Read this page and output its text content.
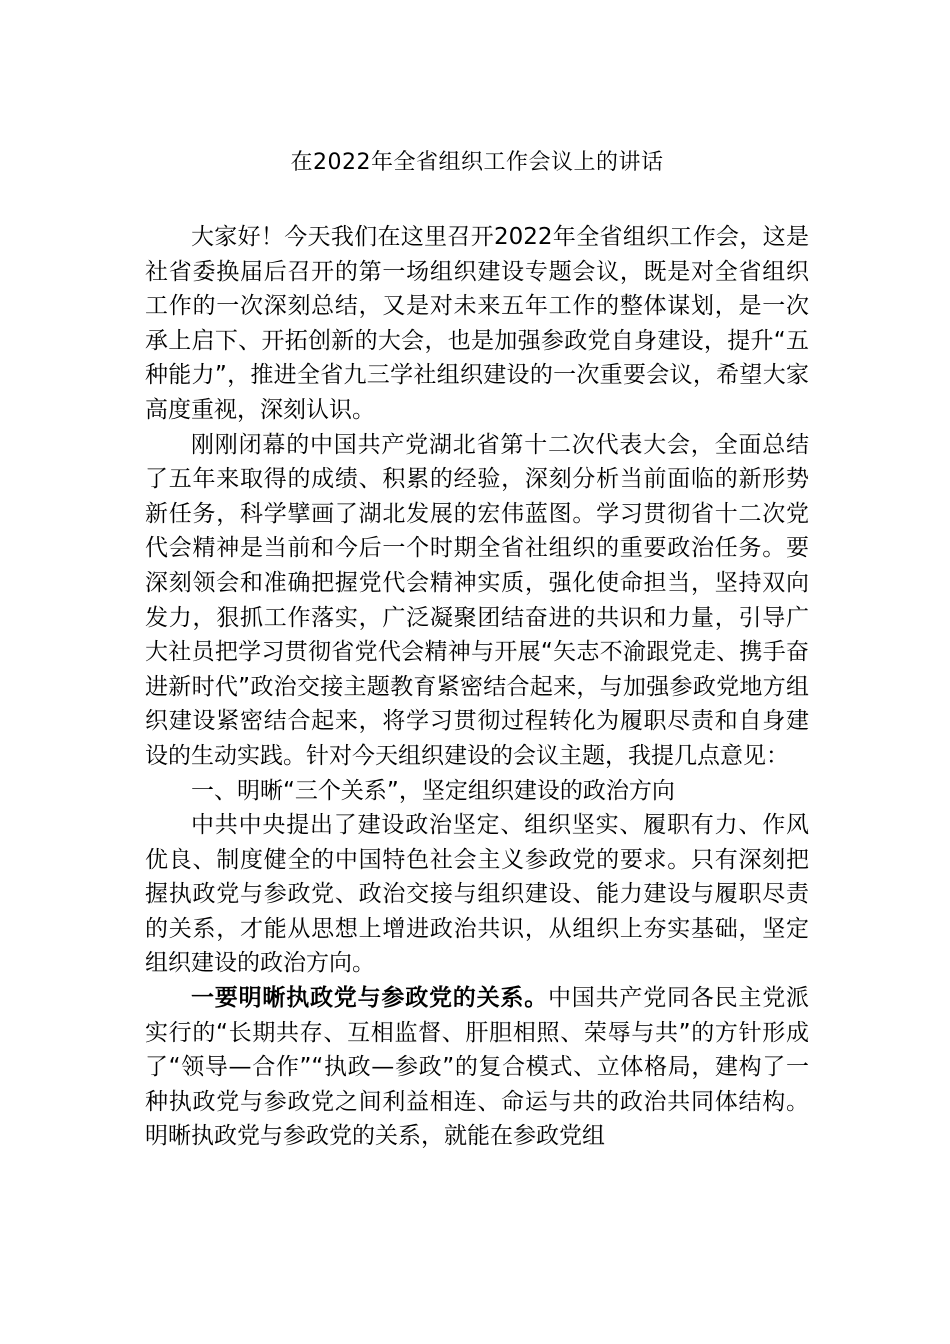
在2022年全省组织工作会议上的讲话

大家好！今天我们在这里召开2022年全省组织工作会，这是社省委换届后召开的第一场组织建设专题会议，既是对全省组织工作的一次深刻总结，又是对未来五年工作的整体谋划，是一次承上启下、开拓创新的大会，也是加强参政党自身建设，提升“五种能力”，推进全省九三学社组织建设的一次重要会议，希望大家高度重视，深刻认识。

刚刚闭幕的中国共产党湖北省第十二次代表大会，全面总结了五年来取得的成绩、积累的经验，深刻分析当前面临的新形势新任务，科学擘画了湖北发展的宏伟蓝图。学习贯彻省十二次党代会精神是当前和今后一个时期全省社组织的重要政治任务。要深刻领会和准确把握党代会精神实质，强化使命担当，坚持双向发力，狠抓工作落实，广泛凝聚团结奋进的共识和力量，引导广大社员把学习贯彻省党代会精神与开展“矢志不渝跟党走、携手奋进新时代”政治交接主题教育紧密结合起来，与加强参政党地方组织建设紧密结合起来，将学习贯彻过程转化为履职尽责和自身建设的生动实践。针对今天组织建设的会议主题，我提几点意见：

一、明晰“三个关系”，坚定组织建设的政治方向

中共中央提出了建设政治坚定、组织坚实、履职有力、作风优良、制度健全的中国特色社会主义参政党的要求。只有深刻把握执政党与参政党、政治交接与组织建设、能力建设与履职尽责的关系，才能从思想上增进政治共识，从组织上夯实基础，坚定组织建设的政治方向。

一要明晰执政党与参政党的关系。中国共产党同各民主党派实行的“长期共存、互相监督、肝胆相照、荣辱与共”的方针形成了“领导—合作”“执政—参政”的复合模式、立体格局，建构了一种执政党与参政党之间利益相连、命运与共的政治共同体结构。明晰执政党与参政党的关系，就能在参政党组
